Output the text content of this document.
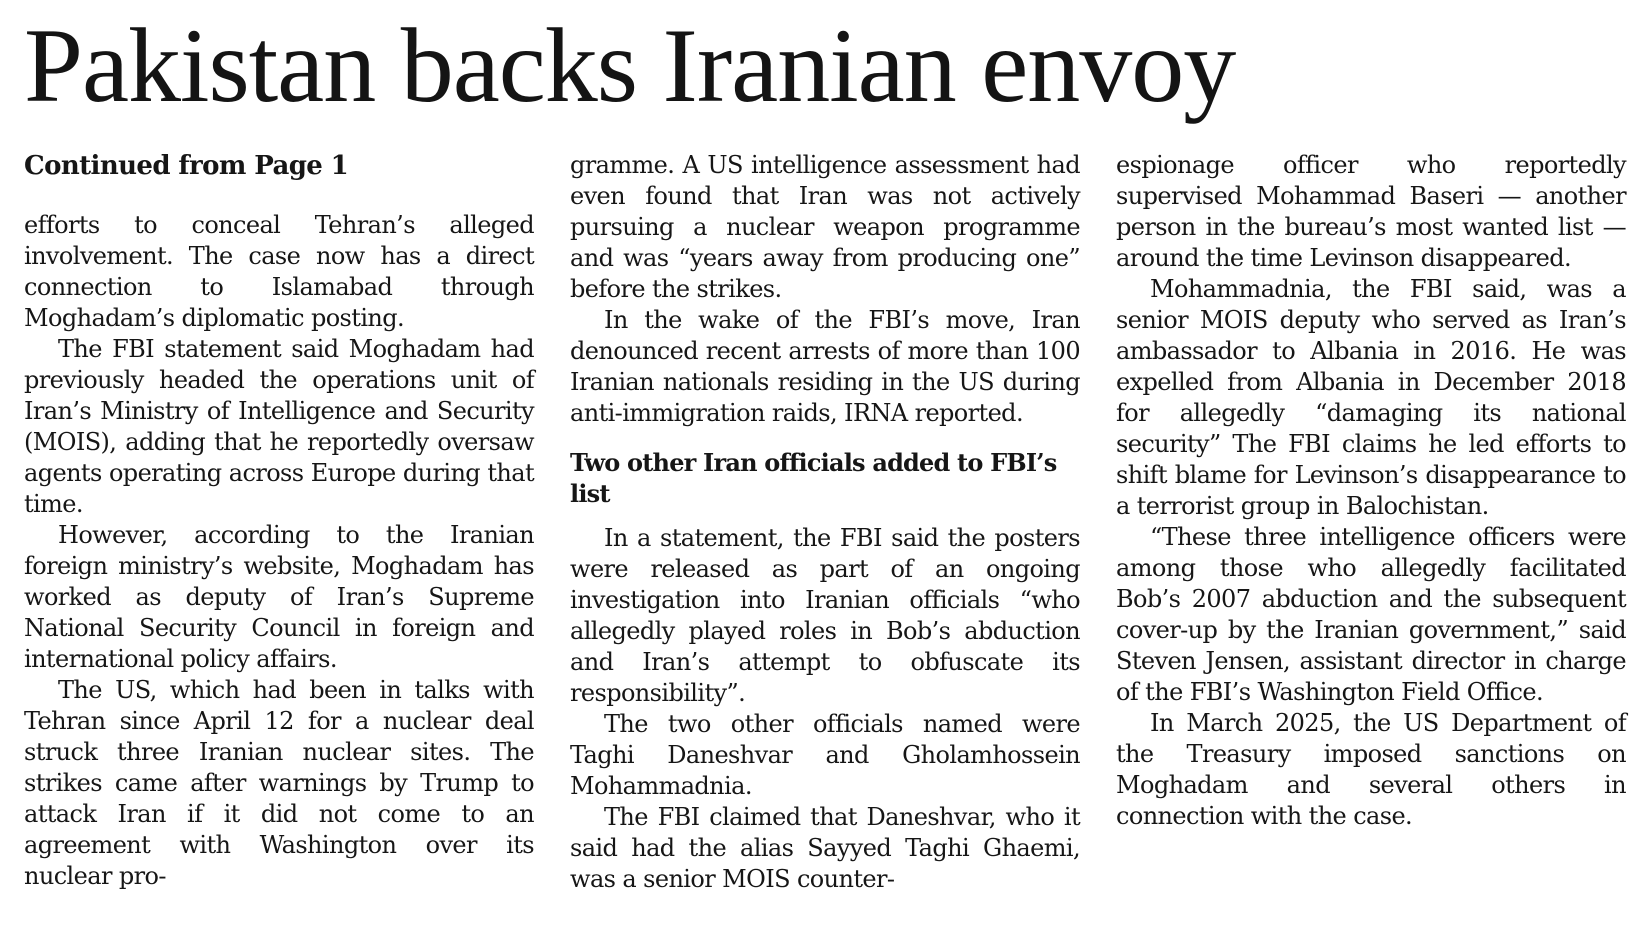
Pakistan backs Iranian envoy
Continued from Page 1

efforts to conceal Tehran’s alleged involvement. The case now has a direct connection to Islamabad through Moghadam’s diplomatic posting.

The FBI statement said Moghadam had previously headed the operations unit of Iran’s Ministry of Intelligence and Security (MOIS), adding that he reportedly oversaw agents operating across Europe during that time.

However, according to the Iranian foreign ministry’s website, Moghadam has worked as deputy of Iran’s Supreme National Security Council in foreign and international policy affairs.

The US, which had been in talks with Tehran since April 12 for a nuclear deal struck three Iranian nuclear sites. The strikes came after warnings by Trump to attack Iran if it did not come to an agreement with Washington over its nuclear pro-

gramme. A US intelligence assessment had even found that Iran was not actively pursuing a nuclear weapon programme and was “years away from producing one” before the strikes.

In the wake of the FBI’s move, Iran denounced recent arrests of more than 100 Iranian nationals residing in the US during anti-immigration raids, IRNA reported.

Two other Iran officials added to FBI’s list

In a statement, the FBI said the posters were released as part of an ongoing investigation into Iranian officials “who allegedly played roles in Bob’s abduction and Iran’s attempt to obfuscate its responsibility”.

The two other officials named were Taghi Daneshvar and Gholamhossein Mohammadnia.

The FBI claimed that Daneshvar, who it said had the alias Sayyed Taghi Ghaemi, was a senior MOIS counter-

espionage officer who reportedly supervised Mohammad Baseri — another person in the bureau’s most wanted list — around the time Levinson disappeared.

Mohammadnia, the FBI said, was a senior MOIS deputy who served as Iran’s ambassador to Albania in 2016. He was expelled from Albania in December 2018 for allegedly “damaging its national security” The FBI claims he led efforts to shift blame for Levinson’s disappearance to a terrorist group in Balochistan.

“These three intelligence officers were among those who allegedly facilitated Bob’s 2007 abduction and the subsequent cover-up by the Iranian government,” said Steven Jensen, assistant director in charge of the FBI’s Washington Field Office.

In March 2025, the US Department of the Treasury imposed sanctions on Moghadam and several others in connection with the case.
